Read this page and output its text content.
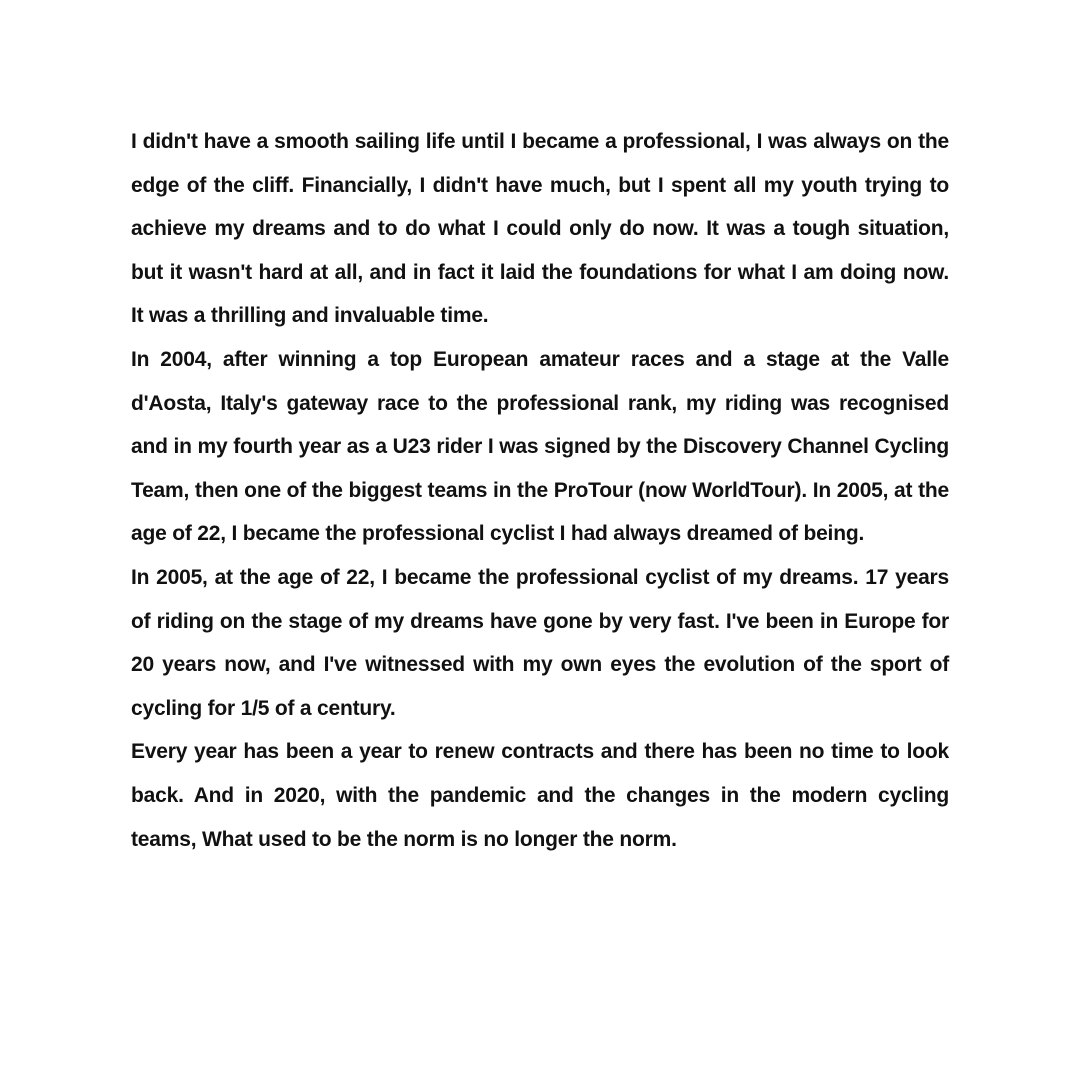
I didn't have a smooth sailing life until I became a professional, I was always on the edge of the cliff. Financially, I didn't have much, but I spent all my youth trying to achieve my dreams and to do what I could only do now. It was a tough situation, but it wasn't hard at all, and in fact it laid the foundations for what I am doing now. It was a thrilling and invaluable time.

In 2004, after winning a top European amateur races and a stage at the Valle d'Aosta, Italy's gateway race to the professional rank, my riding was recognised and in my fourth year as a U23 rider I was signed by the Discovery Channel Cycling Team, then one of the biggest teams in the ProTour (now WorldTour). In 2005, at the age of 22, I became the professional cyclist I had always dreamed of being.

In 2005, at the age of 22, I became the professional cyclist of my dreams. 17 years of riding on the stage of my dreams have gone by very fast. I've been in Europe for 20 years now, and I've witnessed with my own eyes the evolution of the sport of cycling for 1/5 of a century.

Every year has been a year to renew contracts and there has been no time to look back. And in 2020, with the pandemic and the changes in the modern cycling teams, What used to be the norm is no longer the norm.
